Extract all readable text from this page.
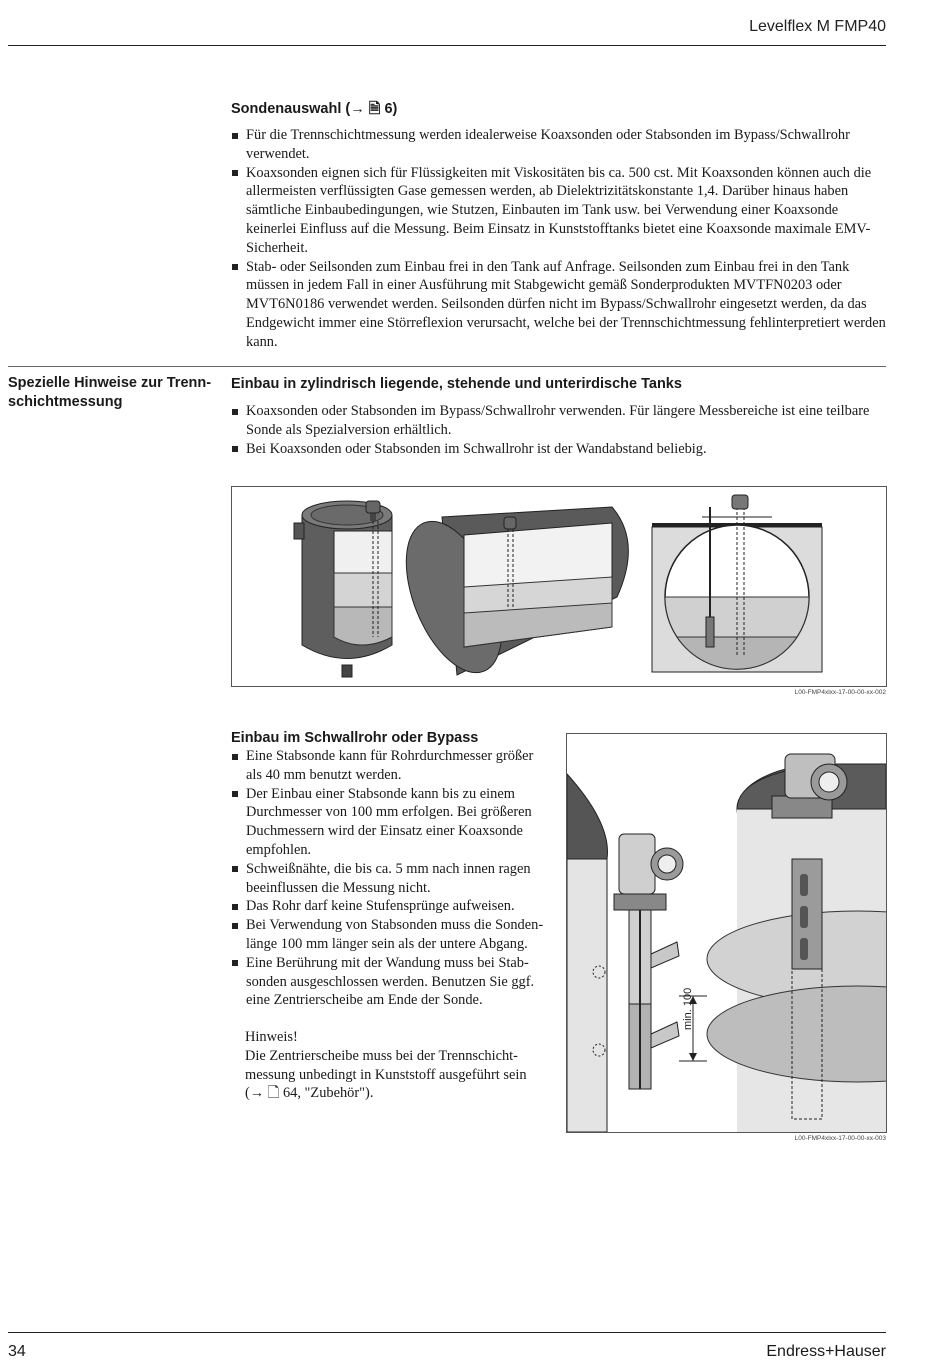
Levelflex M FMP40
Sondenauswahl (→ 🗎 6)
Für die Trennschichtmessung werden idealerweise Koaxsonden oder Stabsonden im Bypass/Schwallrohr verwendet.
Koaxsonden eignen sich für Flüssigkeiten mit Viskositäten bis ca. 500 cst. Mit Koaxsonden können auch die allermeisten verflüssigten Gase gemessen werden, ab Dielektrizitätskonstante 1,4. Darüber hinaus haben sämtliche Einbaubedingungen, wie Stutzen, Einbauten im Tank usw. bei Verwendung einer Koaxsonde keinerlei Einfluss auf die Messung. Beim Einsatz in Kunststofftanks bietet eine Koaxsonde maximale EMV-Sicherheit.
Stab- oder Seilsonden zum Einbau frei in den Tank auf Anfrage. Seilsonden zum Einbau frei in den Tank müssen in jedem Fall in einer Ausführung mit Stabgewicht gemäß Sonderprodukten MVTFN0203 oder MVT6N0186 verwendet werden. Seilsonden dürfen nicht im Bypass/Schwallrohr eingesetzt werden, da das Endgewicht immer eine Störreflexion verursacht, welche bei der Trennschichtmessung fehlinterpretiert werden kann.
Spezielle Hinweise zur Trenn-schichtmessung
Einbau in zylindrisch liegende, stehende und unterirdische Tanks
Koaxsonden oder Stabsonden im Bypass/Schwallrohr verwenden. Für längere Messbereiche ist eine teilbare Sonde als Spezialversion erhältlich.
Bei Koaxsonden oder Stabsonden im Schwallrohr ist der Wandabstand beliebig.
L00-FMP4xlxx-17-00-00-xx-002
Einbau im Schwallrohr oder Bypass
Eine Stabsonde kann für Rohrdurchmesser größer als 40 mm benutzt werden.
Der Einbau einer Stabsonde kann bis zu einem Durchmesser von 100 mm erfolgen. Bei größeren Duchmessern wird der Einsatz einer Koaxsonde empfohlen.
Schweißnähte, die bis ca. 5 mm nach innen ragen beeinflussen die Messung nicht.
Das Rohr darf keine Stufensprünge aufweisen.
Bei Verwendung von Stabsonden muss die Sonden-länge 100 mm länger sein als der untere Abgang.
Eine Berührung mit der Wandung muss bei Stab-sonden ausgeschlossen werden. Benutzen Sie ggf. eine Zentrierscheibe am Ende der Sonde.

Hinweis!

Die Zentrierscheibe muss bei der Trennschicht-messung unbedingt in Kunststoff ausgeführt sein

(→ 🗋 64, "Zubehör").

min. 100
L00-FMP4xlxx-17-00-00-xx-003
34	Endress+Hauser
